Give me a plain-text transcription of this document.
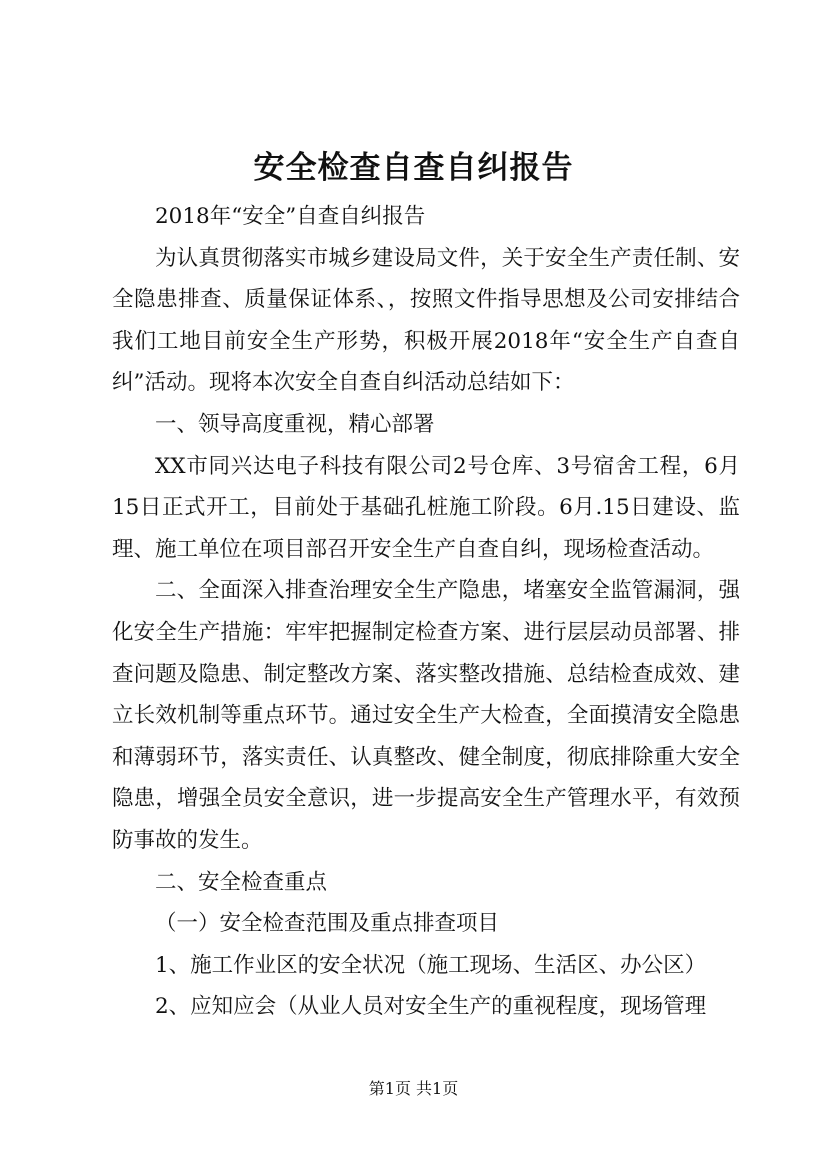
安全检查自查自纠报告

2018年“安全”自查自纠报告

为认真贯彻落实市城乡建设局文件，关于安全生产责任制、安全隐患排查、质量保证体系、，按照文件指导思想及公司安排结合我们工地目前安全生产形势，积极开展2018年“安全生产自查自纠”活动。现将本次安全自查自纠活动总结如下：

一、领导高度重视，精心部署

XX市同兴达电子科技有限公司2号仓库、3号宿舍工程，6月15日正式开工，目前处于基础孔桩施工阶段。6月.15日建设、监理、施工单位在项目部召开安全生产自查自纠，现场检查活动。

二、全面深入排查治理安全生产隐患，堵塞安全监管漏洞，强化安全生产措施：牢牢把握制定检查方案、进行层层动员部署、排查问题及隐患、制定整改方案、落实整改措施、总结检查成效、建立长效机制等重点环节。通过安全生产大检查，全面摸清安全隐患和薄弱环节，落实责任、认真整改、健全制度，彻底排除重大安全隐患，增强全员安全意识，进一步提高安全生产管理水平，有效预防事故的发生。

二、安全检查重点

（一）安全检查范围及重点排查项目

1、施工作业区的安全状况（施工现场、生活区、办公区）

2、应知应会（从业人员对安全生产的重视程度，现场管理

第1页 共1页
